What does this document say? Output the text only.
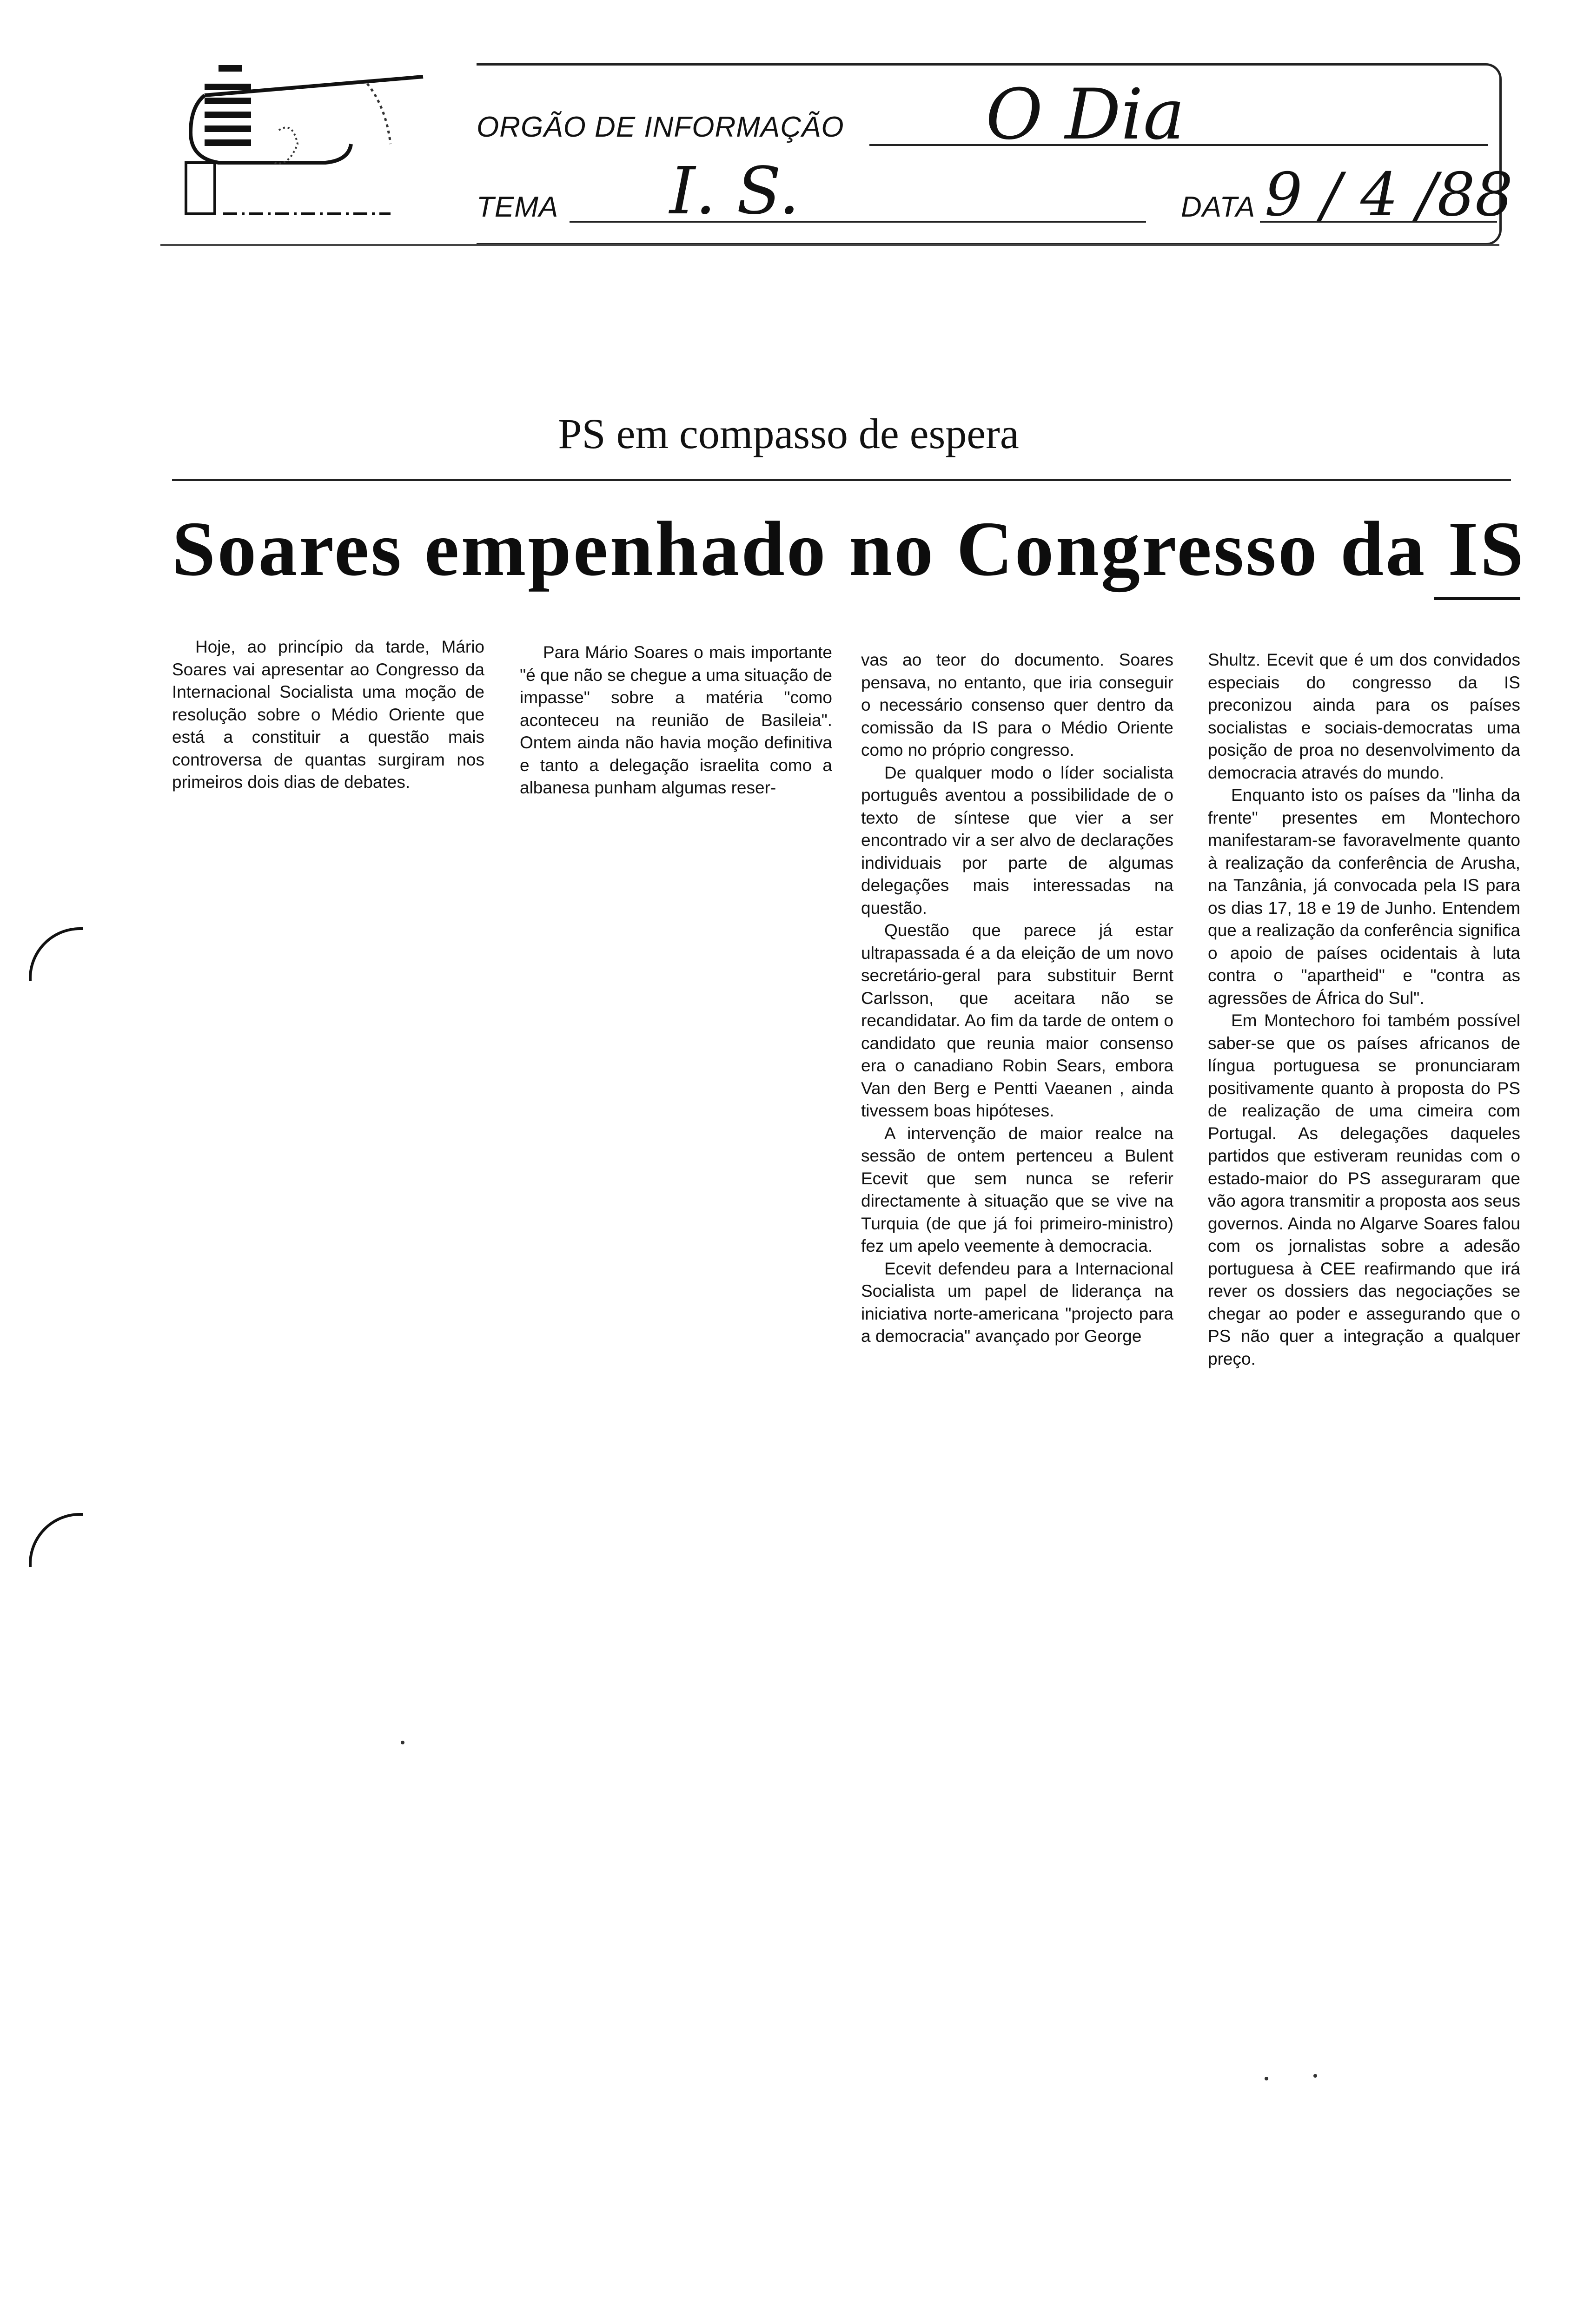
ORGÃO DE INFORMAÇÃO O Dia
TEMA I. S.	DATA 9 / 4 /88
PS em compasso de espera
Soares empenhado no Congresso da IS

Hoje, ao princípio da tarde, Mário Soares vai apresentar ao Congresso da Internacional Socialista uma moção de resolução sobre o Médio Oriente que está a constituir a questão mais controversa de quantas surgiram nos primeiros dois dias de debates.

Para Mário Soares o mais importante "é que não se chegue a uma situação de impasse" sobre a matéria "como aconteceu na reunião de Basileia". Ontem ainda não havia moção definitiva e tanto a delegação israelita como a albanesa punham algumas reser-

vas ao teor do documento. Soares pensava, no entanto, que iria conseguir o necessário consenso quer dentro da comissão da IS para o Médio Oriente como no próprio congresso.

De qualquer modo o líder socialista português aventou a possibilidade de o texto de síntese que vier a ser encontrado vir a ser alvo de declarações individuais por parte de algumas delegações mais interessadas na questão.

Questão que parece já estar ultrapassada é a da eleição de um novo secretário-geral para substituir Bernt Carlsson, que aceitara não se recandidatar. Ao fim da tarde de ontem o candidato que reunia maior consenso era o canadiano Robin Sears, embora Van den Berg e Pentti Vaeanen , ainda tivessem boas hipóteses.

A intervenção de maior realce na sessão de ontem pertenceu a Bulent Ecevit que sem nunca se referir directamente à situação que se vive na Turquia (de que já foi primeiro-ministro) fez um apelo veemente à democracia.

Ecevit defendeu para a Internacional Socialista um papel de liderança na iniciativa norte-americana "projecto para a democracia" avançado por George

Shultz. Ecevit que é um dos convidados especiais do congresso da IS preconizou ainda para os países socialistas e sociais-democratas uma posição de proa no desenvolvimento da democracia através do mundo.

Enquanto isto os países da "linha da frente" presentes em Montechoro manifestaram-se favoravelmente quanto à realização da conferência de Arusha, na Tanzânia, já convocada pela IS para os dias 17, 18 e 19 de Junho. Entendem que a realização da conferência significa o apoio de países ocidentais à luta contra o "apartheid" e "contra as agressões de África do Sul".

Em Montechoro foi também possível saber-se que os países africanos de língua portuguesa se pronunciaram positivamente quanto à proposta do PS de realização de uma cimeira com Portugal. As delegações daqueles partidos que estiveram reunidas com o estado-maior do PS asseguraram que vão agora transmitir a proposta aos seus governos. Ainda no Algarve Soares falou com os jornalistas sobre a adesão portuguesa à CEE reafirmando que irá rever os dossiers das negociações se chegar ao poder e assegurando que o PS não quer a integração a qualquer preço.
